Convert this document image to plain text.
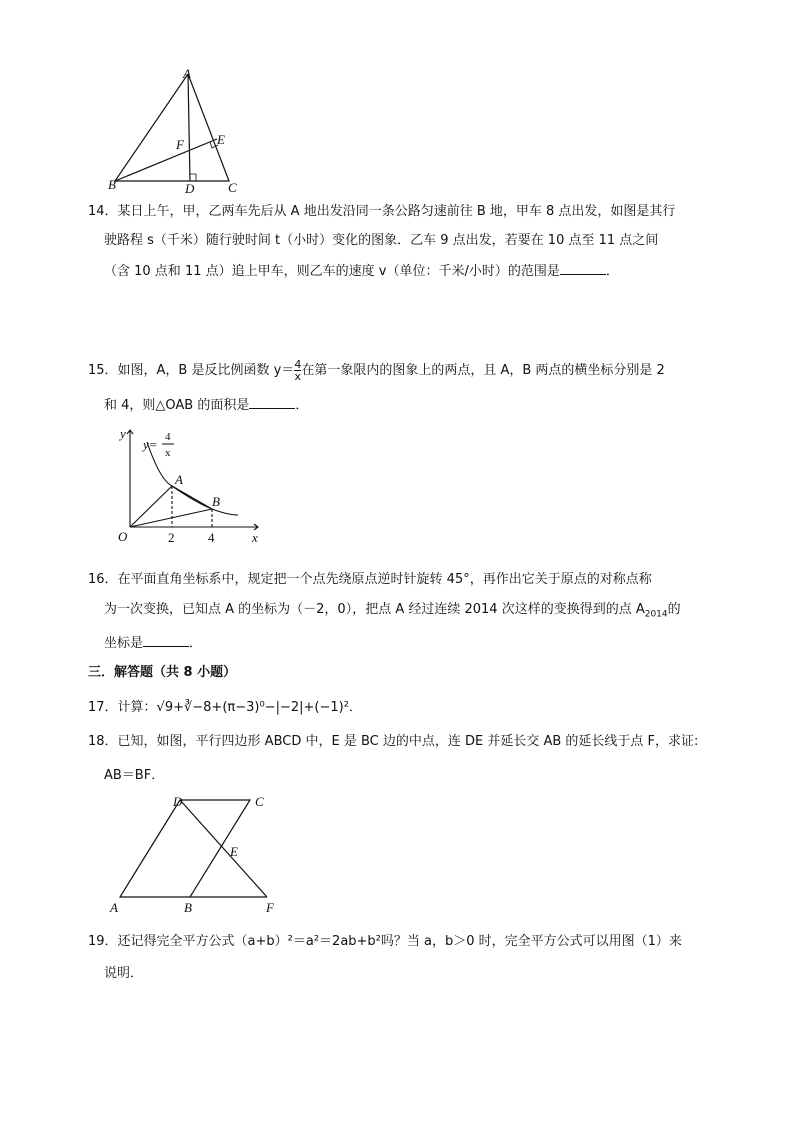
A
B	C
D
E
F
y
x
O
A
B
2	4
y= 4
x
D	C
E
A	B	F
14．某日上午，甲，乙两车先后从 A 地出发沿同一条公路匀速前往 B 地，甲车 8 点出发，如图是其行
驶路程 s（千米）随行驶时间 t（小时）变化的图象．乙车 9 点出发，若要在 10 点至 11 点之间
（含 10 点和 11 点）追上甲车，则乙车的速度 v（单位：千米/小时）的范围是	．
15．如图，A，B 是反比例函数 $y= \frac{4}{x}$ 在第一象限内的图象上的两点，且 A，B 两点的横坐标分别是 2
和 4，则△OAB 的面积是	．
16．在平面直角坐标系中，规定把一个点先绕原点逆时针旋转 45°，再作出它关于原点的对称点称
为一次变换，已知点 A 的坐标为（－2，0），把点 A 经过连续 2014 次这样的变换得到的点 $A_{2014}$的
坐标是	．
三．解答题（共 8 小题）
17．计算：√9+∛−8+(π−3)⁰−|−2|+(−1)²．
18．已知，如图，平行四边形 ABCD 中，E 是 BC 边的中点，连 DE 并延长交 AB 的延长线于点 F，求证:
AB＝BF．
19．还记得完全平方公式（a+b）²＝a²＝2ab+b²吗？当 a，b＞0 时，完全平方公式可以用图（1）来
说明．
